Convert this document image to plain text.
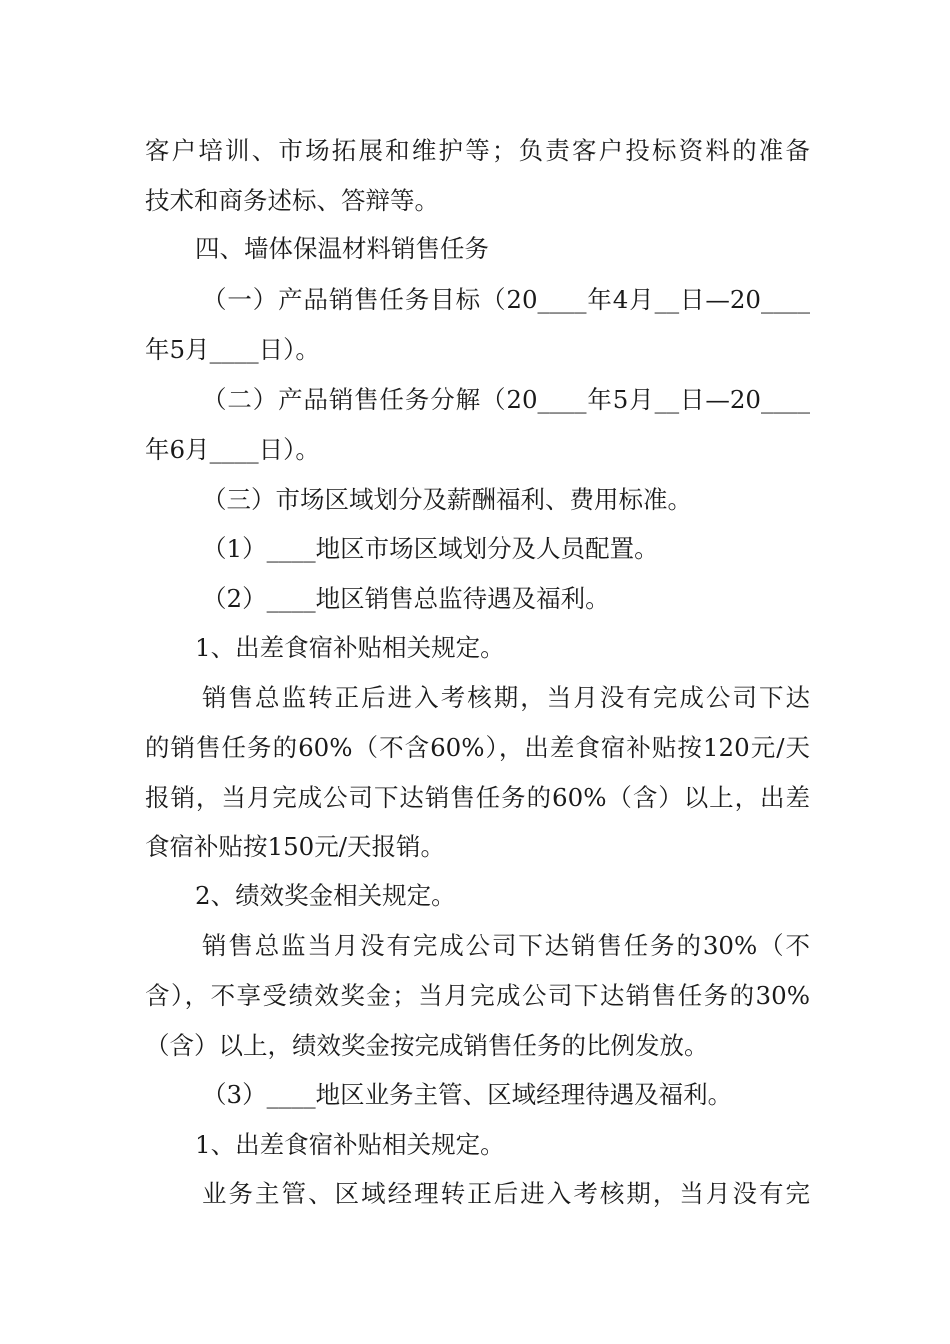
客户培训、市场拓展和维护等；负责客户投标资料的准备
技术和商务述标、答辩等。
四、墙体保温材料销售任务
（一）产品销售任务目标（20____年4月__日—20____
年5月____日）。
（二）产品销售任务分解（20____年5月__日—20____
年6月____日）。
（三）市场区域划分及薪酬福利、费用标准。
（1）____地区市场区域划分及人员配置。
（2）____地区销售总监待遇及福利。
1、出差食宿补贴相关规定。
销售总监转正后进入考核期，当月没有完成公司下达
的销售任务的60%（不含60%），出差食宿补贴按120元/天
报销，当月完成公司下达销售任务的60%（含）以上，出差
食宿补贴按150元/天报销。
2、绩效奖金相关规定。
销售总监当月没有完成公司下达销售任务的30%（不
含），不享受绩效奖金；当月完成公司下达销售任务的30%
（含）以上，绩效奖金按完成销售任务的比例发放。
（3）____地区业务主管、区域经理待遇及福利。
1、出差食宿补贴相关规定。
业务主管、区域经理转正后进入考核期，当月没有完
